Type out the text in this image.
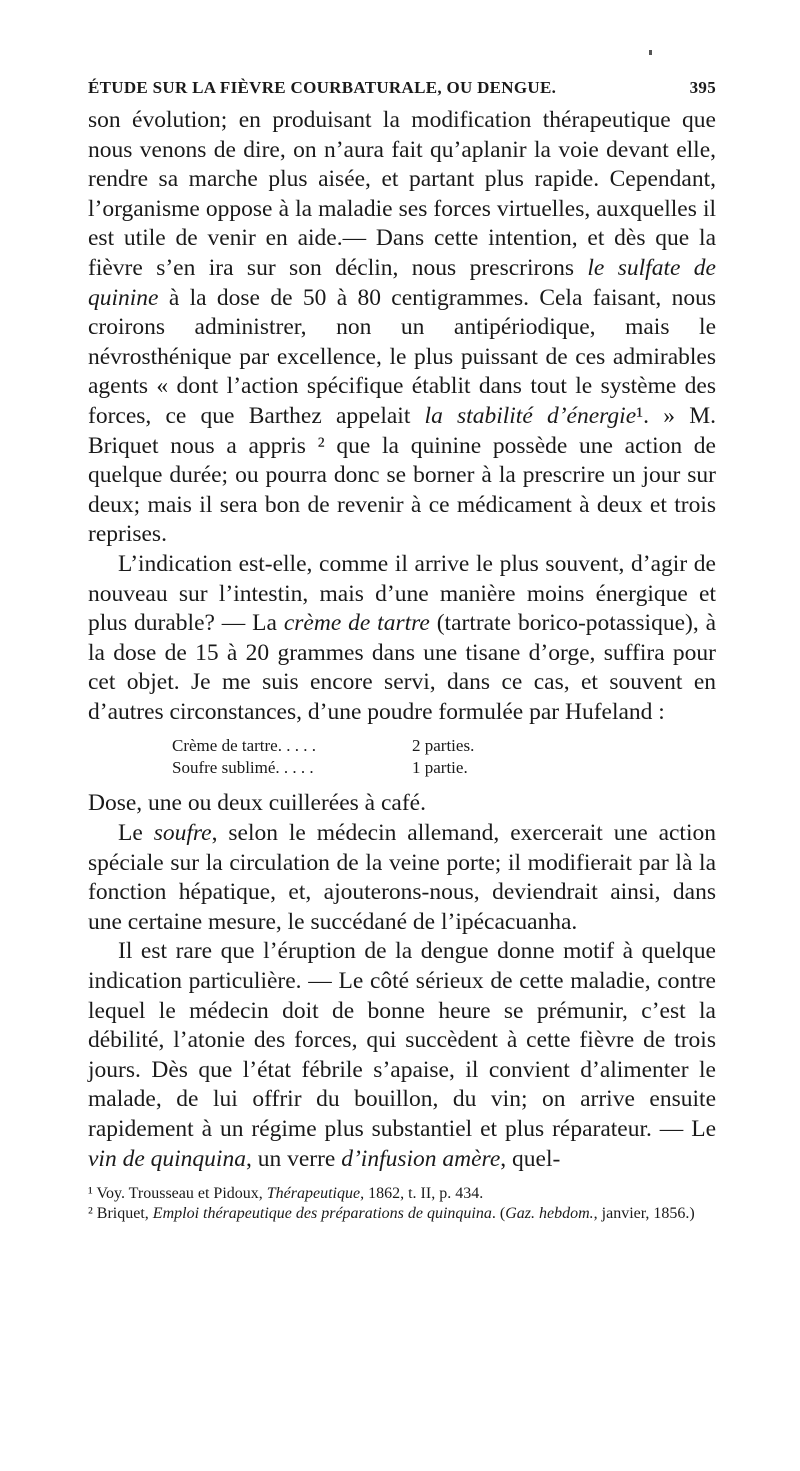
ÉTUDE SUR LA FIÈVRE COURBATURALE, OU DENGUE.	395

son évolution; en produisant la modification thérapeutique que nous venons de dire, on n’aura fait qu’aplanir la voie devant elle, rendre sa marche plus aisée, et partant plus rapide. Cependant, l’organisme oppose à la maladie ses forces virtuelles, auxquelles il est utile de venir en aide.— Dans cette intention, et dès que la fièvre s’en ira sur son déclin, nous prescrirons le sulfate de quinine à la dose de 50 à 80 centigrammes. Cela faisant, nous croirons administrer, non un antipériodique, mais le névrosthénique par excellence, le plus puissant de ces admirables agents « dont l’action spécifique établit dans tout le système des forces, ce que Barthez appelait la stabilité d’énergie¹. » M. Briquet nous a appris ² que la quinine possède une action de quelque durée; ou pourra donc se borner à la prescrire un jour sur deux; mais il sera bon de revenir à ce médicament à deux et trois reprises.

L’indication est-elle, comme il arrive le plus souvent, d’agir de nouveau sur l’intestin, mais d’une manière moins énergique et plus durable? — La crème de tartre (tartrate borico-potassique), à la dose de 15 à 20 grammes dans une tisane d’orge, suffira pour cet objet. Je me suis encore servi, dans ce cas, et souvent en d’autres circonstances, d’une poudre formulée par Hufeland :

Crème de tartre. . . . .	2 parties.
Soufre sublimé. . . . .	1 partie.

Dose, une ou deux cuillerées à café.

Le soufre, selon le médecin allemand, exercerait une action spéciale sur la circulation de la veine porte; il modifierait par là la fonction hépatique, et, ajouterons-nous, deviendrait ainsi, dans une certaine mesure, le succédané de l’ipécacuanha.

Il est rare que l’éruption de la dengue donne motif à quelque indication particulière. — Le côté sérieux de cette maladie, contre lequel le médecin doit de bonne heure se prémunir, c’est la débilité, l’atonie des forces, qui succèdent à cette fièvre de trois jours. Dès que l’état fébrile s’apaise, il convient d’alimenter le malade, de lui offrir du bouillon, du vin; on arrive ensuite rapidement à un régime plus substantiel et plus réparateur. — Le vin de quinquina, un verre d’infusion amère, quel-

¹ Voy. Trousseau et Pidoux, Thérapeutique, 1862, t. II, p. 434.

² Briquet, Emploi thérapeutique des préparations de quinquina. (Gaz. hebdom., janvier, 1856.)
